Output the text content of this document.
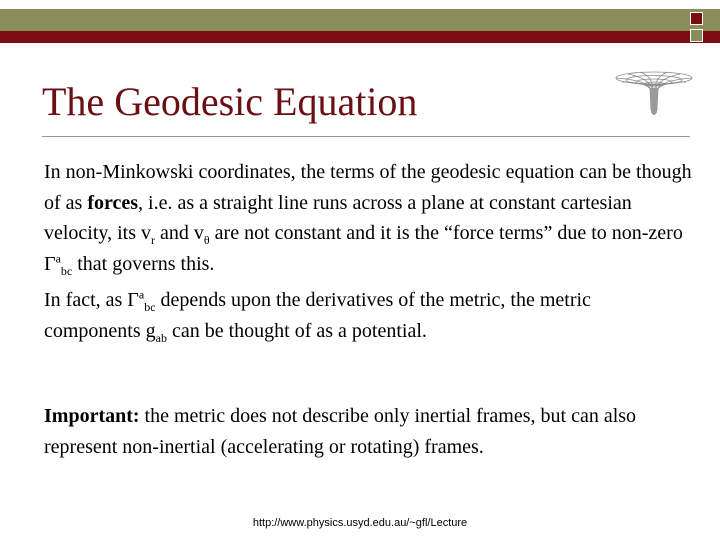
The Geodesic Equation
In non-Minkowski coordinates, the terms of the geodesic equation can be though of as forces, i.e. as a straight line runs across a plane at constant cartesian velocity, its $v_r$ and $v_\theta$ are not constant and it is the “force terms” due to non-zero $\Gamma^a_{bc}$ that governs this.
In fact, as $\Gamma^a_{bc}$ depends upon the derivatives of the metric, the metric components $g_{ab}$ can be thought of as a potential.
Important: the metric does not describe only inertial frames, but can also represent non-inertial (accelerating or rotating) frames.
http://www.physics.usyd.edu.au/~gfl/Lecture
